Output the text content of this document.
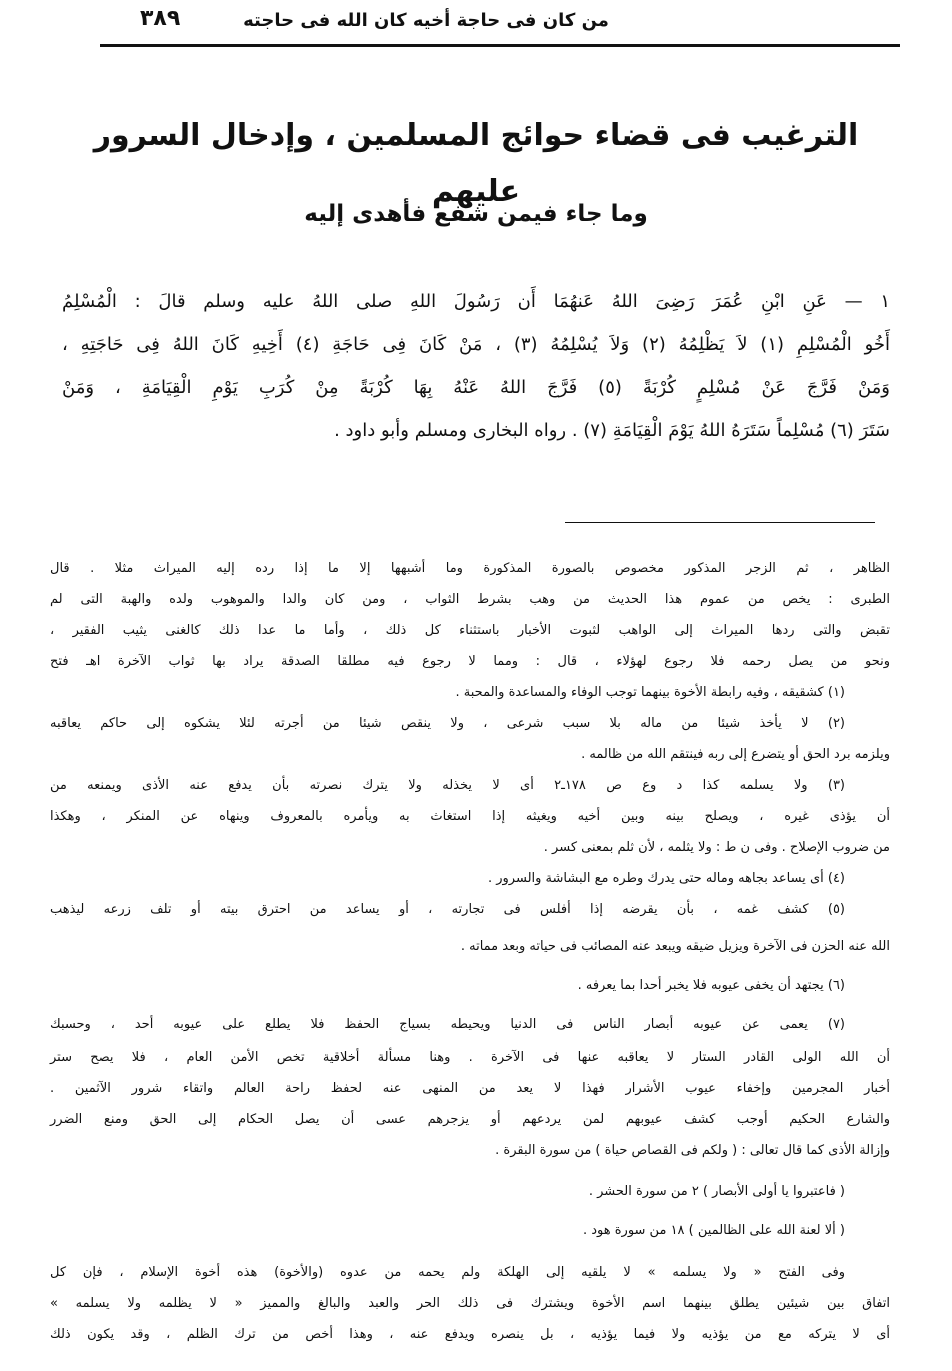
٣٨٩	من كان فى حاجة أخيه كان الله فى حاجته
الترغيب فى قضاء حوائج المسلمين ، وإدخال السرور عليهم
وما جاء فيمن شفع فأهدى إليه
١ — عَنِ ابْنِ عُمَرَ رَضِىَ اللهُ عَنهُمَا أَن رَسُولَ اللهِ صلى اللهُ عليه وسلم قالَ : الْمُسْلِمُ
أَخُو الْمُسْلِمِ (١) لاَ يَظْلِمُهُ (٢) وَلاَ يُسْلِمُهُ (٣) ، مَنْ كَانَ فِى حَاجَةِ (٤) أَخِيهِ كَانَ اللهُ فِى حَاجَتِهِ ،
وَمَنْ فَرَّجَ عَنْ مُسْلِمٍ كُرْبَةً (٥) فَرَّجَ اللهُ عَنْهُ بِهَا كُرْبَةً مِنْ كُرَبِ يَوْمِ الْقِيَامَةِ ، وَمَنْ
سَتَرَ (٦) مُسْلِماً سَتَرَهُ اللهُ يَوْمَ الْقِيَامَةِ (٧) . رواه البخارى ومسلم وأبو داود .
الظاهر ، ثم الزجر المذكور مخصوص بالصورة المذكورة وما أشبهها إلا ما إذا رده إليه الميراث مثلا . قال
الطبرى : يخص من عموم هذا الحديث من وهب بشرط الثواب ، ومن كان والدا والموهوب ولده والهبة التى لم
تقبض والتى ردها الميراث إلى الواهب لثبوت الأخبار باستثناء كل ذلك ، وأما ما عدا ذلك كالغنى يثيب الفقير ،
ونحو من يصل رحمه فلا رجوع لهؤلاء ، قال : ومما لا رجوع فيه مطلقا الصدقة يراد بها ثواب الآخرة اهـ فتح
(١) كشقيقه ، وفيه رابطة الأخوة بينهما توجب الوفاء والمساعدة والمحبة .
(٢) لا يأخذ شيئا من ماله بلا سبب شرعى ، ولا ينقص شيئا من أجرته لئلا يشكوه إلى حاكم يعاقبه
ويلزمه برد الحق أو يتضرع إلى ربه فينتقم الله من ظالمه .
(٣) ولا يسلمه كذا د وع ص ١٧٨ـ٢ أى لا يخذله ولا يترك نصرته بأن يدفع عنه الأذى ويمنعه من
أن يؤذى غيره ، ويصلح بينه وبين أخيه ويغيثه إذا استغاث به ويأمره بالمعروف وينهاه عن المنكر ، وهكذا
من ضروب الإصلاح . وفى ن ط : ولا يثلمه ، لأن ثلم بمعنى كسر .
(٤) أى يساعد بجاهه وماله حتى يدرك وطره مع البشاشة والسرور .
(٥) كشف غمه ، بأن يقرضه إذا أفلس فى تجارته ، أو يساعد من احترق بيته أو تلف زرعه ليذهب
الله عنه الحزن فى الآخرة ويزيل ضيقه ويبعد عنه المصائب فى حياته وبعد مماته .
(٦) يجتهد أن يخفى عيوبه فلا يخبر أحدا بما يعرفه .
(٧) يعمى عن عيوبه أبصار الناس فى الدنيا ويحيطه بسياج الحفظ فلا يطلع على عيوبه أحد ، وحسبك
أن الله الولى القادر الستار لا يعاقبه عنها فى الآخرة . وهنا مسألة أخلاقية تخص الأمن العام ، فلا يصح ستر
أخبار المجرمين وإخفاء عيوب الأشرار فهذا لا يعد من المنهى عنه لحفظ راحة العالم واتقاء شرور الآثمين .
والشارع الحكيم أوجب كشف عيوبهم لمن يردعهم أو يزجرهم عسى أن يصل الحكام إلى الحق ومنع الضرر
وإزالة الأذى كما قال تعالى : ( ولكم فى القصاص حياة ) من سورة البقرة .
( فاعتبروا يا أولى الأبصار ) ٢ من سورة الحشر .
( ألا لعنة الله على الظالمين ) ١٨ من سورة هود .
وفى الفتح « ولا يسلمه » لا يلقيه إلى الهلكة ولم يحمه من عدوه (والأخوة) هذه أخوة الإسلام ، فإن كل
اتفاق بين شيئين يطلق بينهما اسم الأخوة ويشترك فى ذلك الحر والعبد والبالغ والمميز « لا يظلمه ولا يسلمه »
أى لا يتركه مع من يؤذيه ولا فيما يؤذيه ، بل ينصره ويدفع عنه ، وهذا أخص من ترك الظلم ، وقد يكون ذلك
